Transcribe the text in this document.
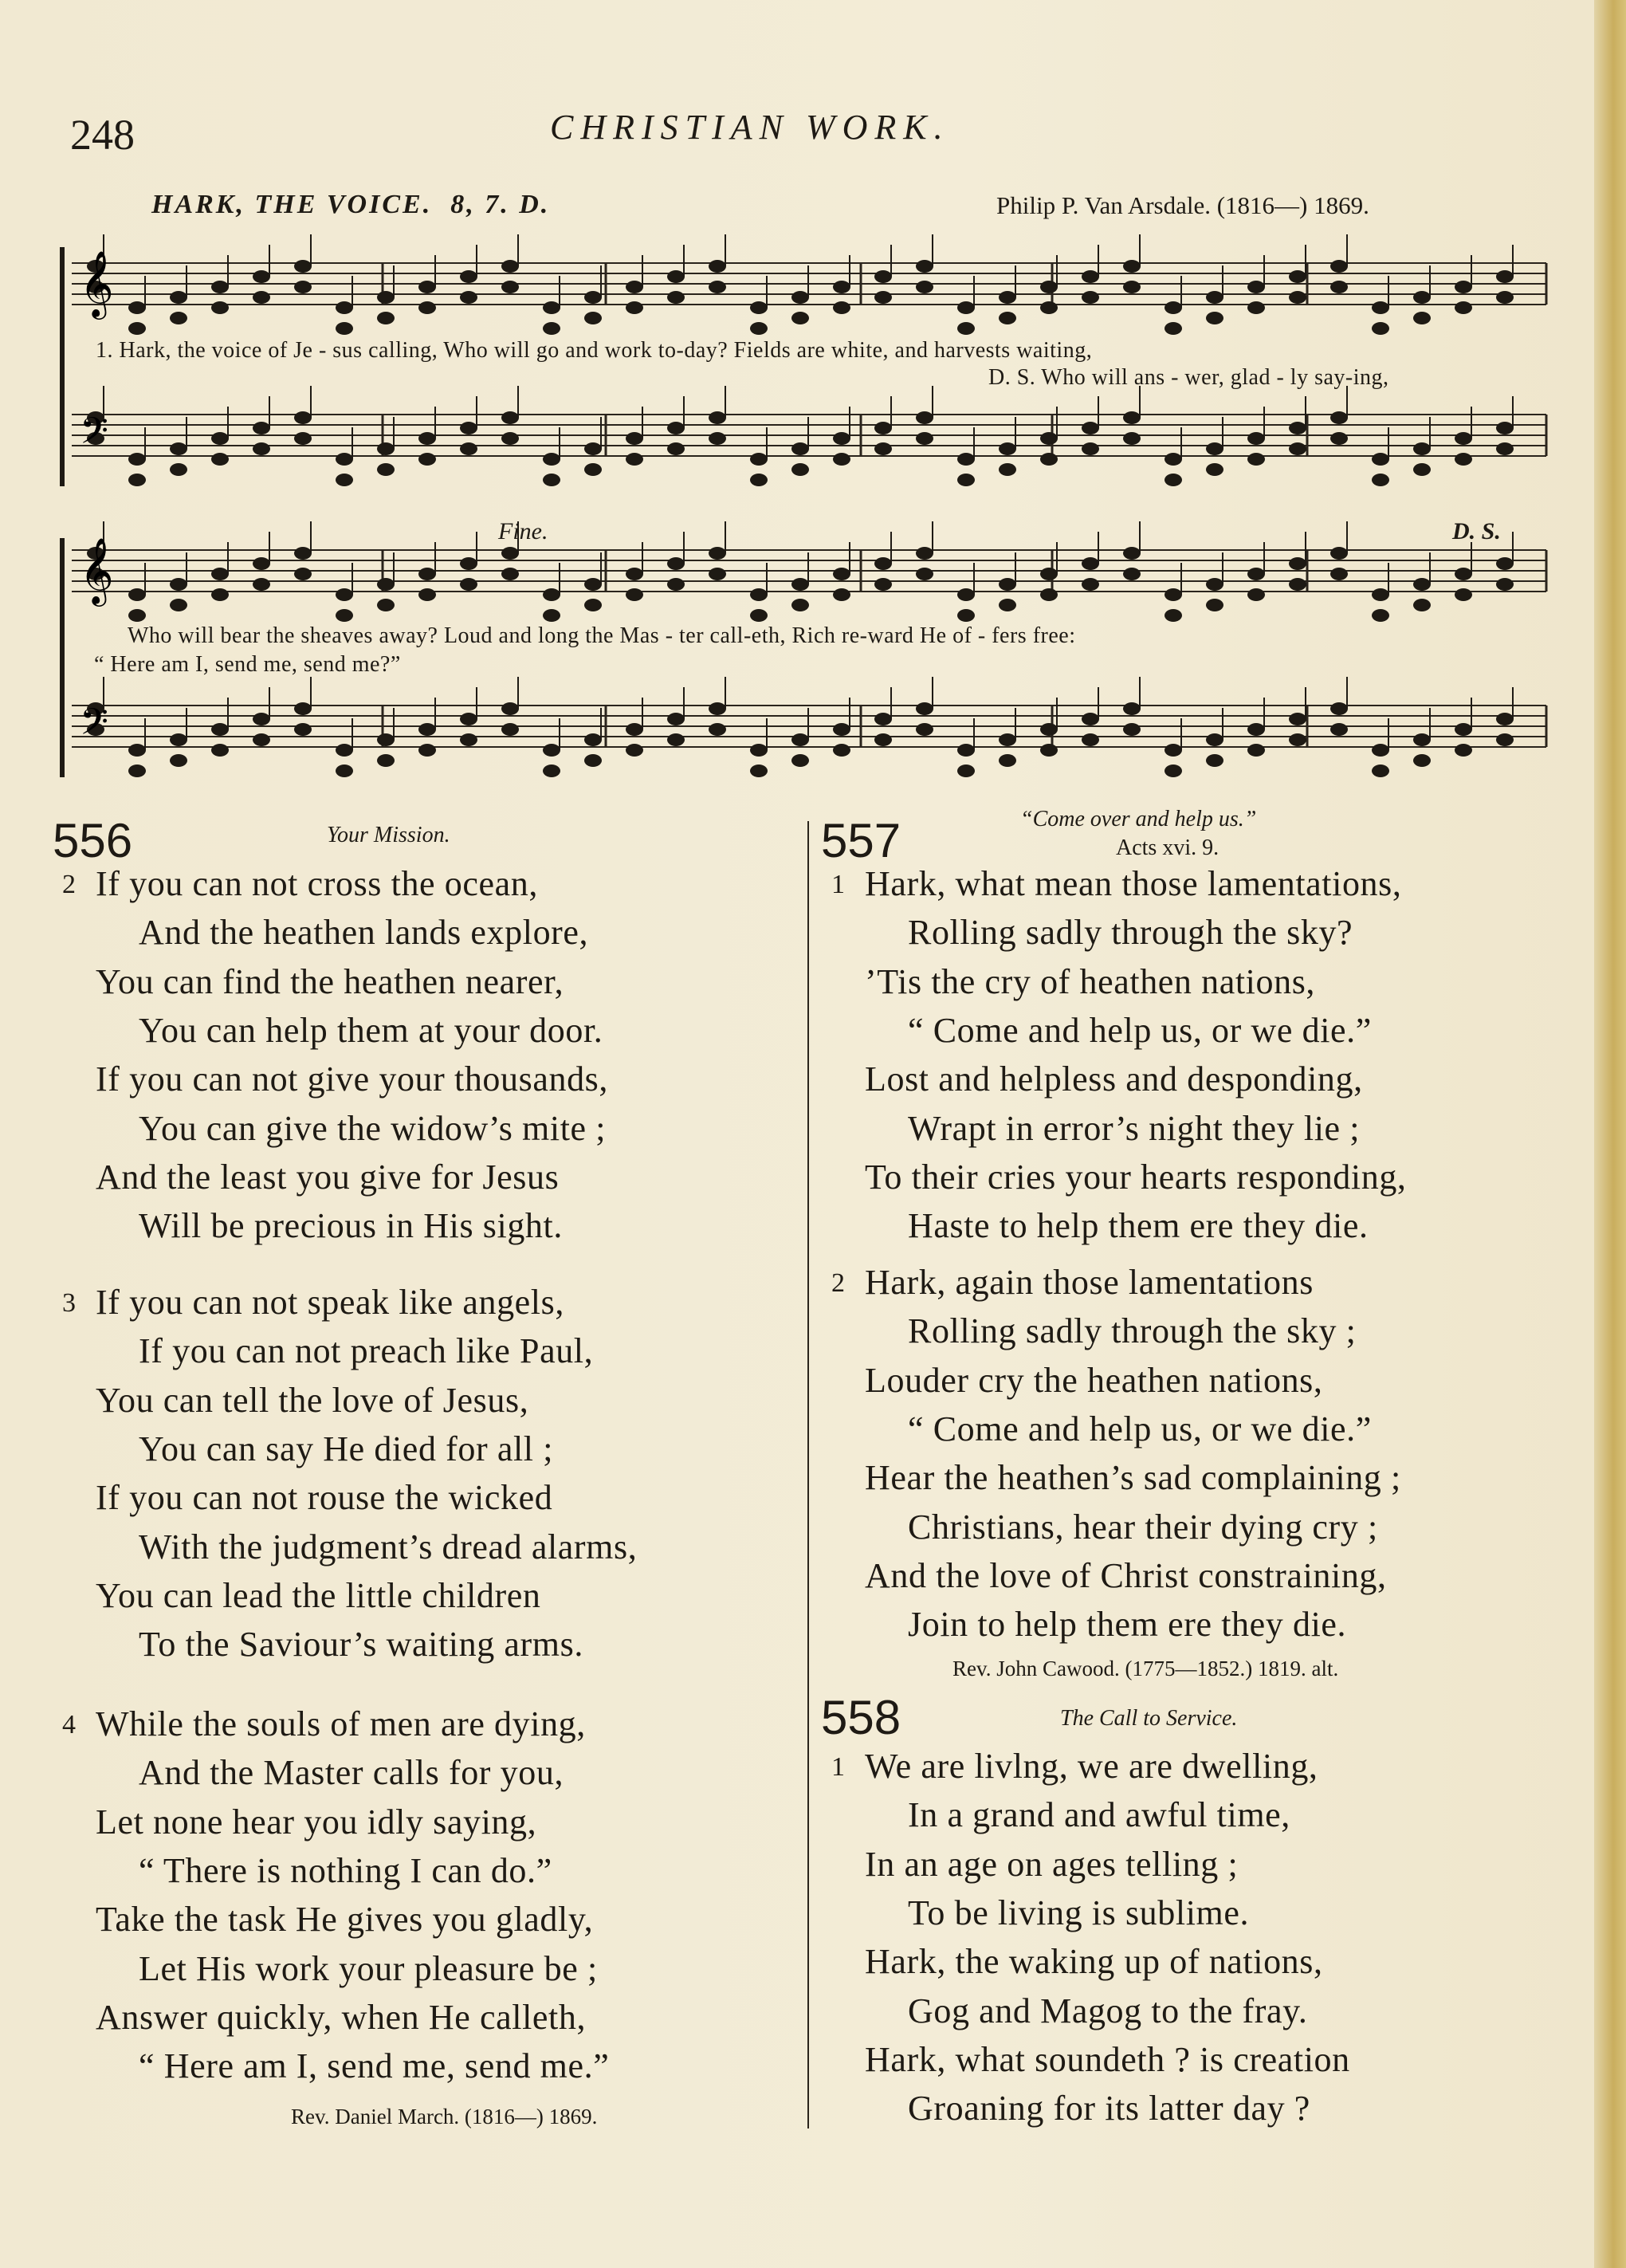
248	CHRISTIAN WORK.
HARK, THE VOICE. 8, 7. D.	Philip P. Van Arsdale. (1816—) 1869.
𝄞
𝄞
𝄢
𝄢
1. Hark, the voice of Je - sus calling, Who will go and work to-day? Fields are white, and harvests waiting,
D. S. Who will ans - wer, glad - ly say-ing,
Fine.	D. S.
Who will bear the sheaves away? Loud and long the Mas - ter call-eth, Rich re-ward He of - fers free:
“ Here am I, send me, send me?”
556	Your Mission.
2 If you can not cross the ocean,
And the heathen lands explore,
You can find the heathen nearer,
You can help them at your door.
If you can not give your thousands,
You can give the widow’s mite ;
And the least you give for Jesus
Will be precious in His sight.
3 If you can not speak like angels,
If you can not preach like Paul,
You can tell the love of Jesus,
You can say He died for all ;
If you can not rouse the wicked
With the judgment’s dread alarms,
You can lead the little children
To the Saviour’s waiting arms.
4 While the souls of men are dying,
And the Master calls for you,
Let none hear you idly saying,
“ There is nothing I can do.”
Take the task He gives you gladly,
Let His work your pleasure be ;
Answer quickly, when He calleth,
“ Here am I, send me, send me.”
Rev. Daniel March. (1816—) 1869.
557	“Come over and help us.”
Acts xvi. 9.
1 Hark, what mean those lamentations,
Rolling sadly through the sky?
’Tis the cry of heathen nations,
“ Come and help us, or we die.”
Lost and helpless and desponding,
Wrapt in error’s night they lie ;
To their cries your hearts responding,
Haste to help them ere they die.
2 Hark, again those lamentations
Rolling sadly through the sky ;
Louder cry the heathen nations,
“ Come and help us, or we die.”
Hear the heathen’s sad complaining ;
Christians, hear their dying cry ;
And the love of Christ constraining,
Join to help them ere they die.
Rev. John Cawood. (1775—1852.) 1819. alt.
558	The Call to Service.
1 We are livlng, we are dwelling,
In a grand and awful time,
In an age on ages telling ;
To be living is sublime.
Hark, the waking up of nations,
Gog and Magog to the fray.
Hark, what soundeth ? is creation
Groaning for its latter day ?
